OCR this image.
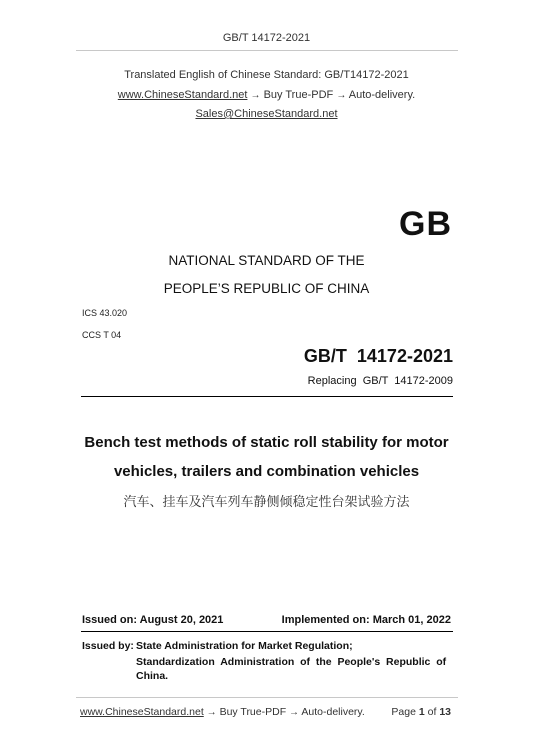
GB/T 14172-2021
Translated English of Chinese Standard: GB/T14172-2021
www.ChineseStandard.net → Buy True-PDF → Auto-delivery.
Sales@ChineseStandard.net
GB
NATIONAL STANDARD OF THE
PEOPLE’S REPUBLIC OF CHINA
ICS 43.020
CCS T 04
GB/T  14172-2021
Replacing  GB/T  14172-2009
Bench test methods of static roll stability for motor
vehicles, trailers and combination vehicles
汽车、挂车及汽车列车静侧倾稳定性台架试验方法
Issued on: August 20, 2021	Implemented on: March 01, 2022
Issued by: State Administration for Market Regulation;
Standardization  Administration  of  the  People's  Republic  of
China.
www.ChineseStandard.net → Buy True-PDF → Auto-delivery.	Page 1 of 13
